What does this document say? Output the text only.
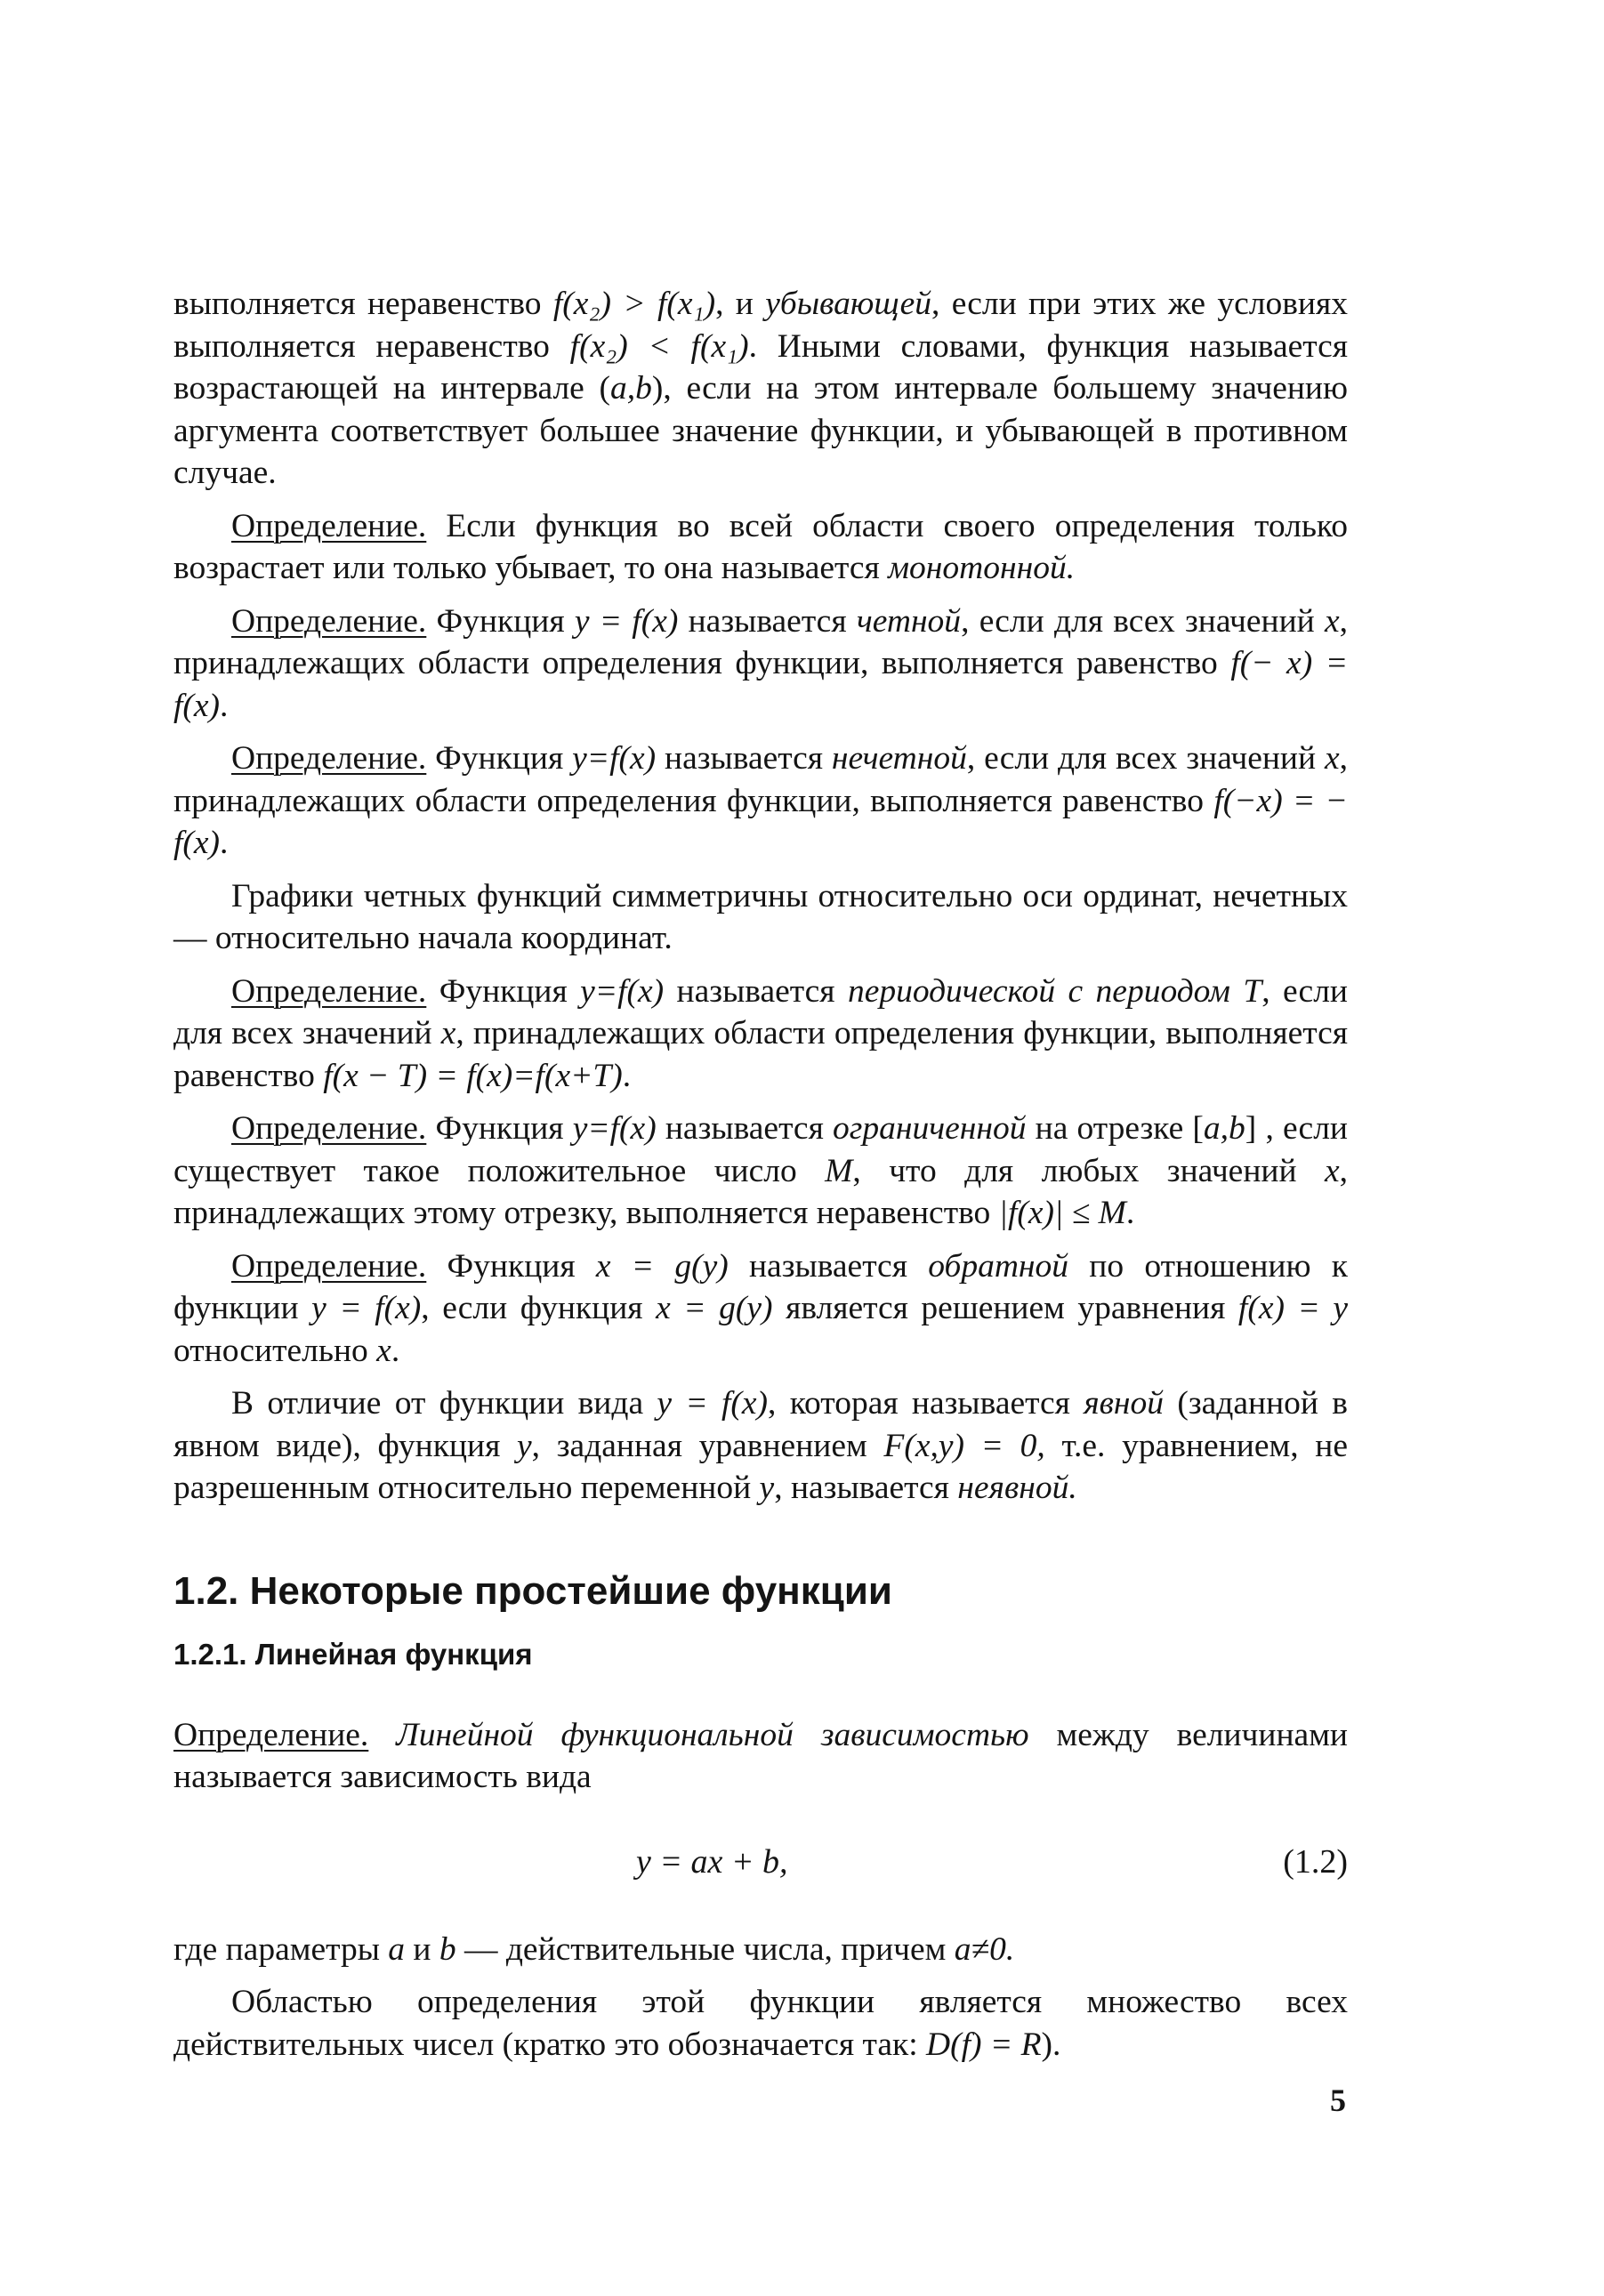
выполняется неравенство f(x₂) > f(x₁), и убывающей, если при этих же условиях выполняется неравенство f(x₂) < f(x₁). Иными словами, функция называется возрастающей на интервале (a,b), если на этом интервале большему значению аргумента соответствует большее значение функции, и убывающей в противном случае.

Определение. Если функция во всей области своего определения только возрастает или только убывает, то она называется монотонной.

Определение. Функция y = f(x) называется четной, если для всех значений x, принадлежащих области определения функции, выполняется равенство f(− x) = f(x).

Определение. Функция y=f(x) называется нечетной, если для всех значений x, принадлежащих области определения функции, выполняется равенство f(−x) = − f(x).

Графики четных функций симметричны относительно оси ординат, нечетных — относительно начала координат.

Определение. Функция y=f(x) называется периодической с периодом T, если для всех значений x, принадлежащих области определения функции, выполняется равенство f(x − T) = f(x)=f(x+T).

Определение. Функция y=f(x) называется ограниченной на отрезке [a,b] , если существует такое положительное число M, что для любых значений x, принадлежащих этому отрезку, выполняется неравенство |f(x)| ≤ M.

Определение. Функция x = g(y) называется обратной по отношению к функции y = f(x), если функция x = g(y) является решением уравнения f(x) = y относительно x.

В отличие от функции вида y = f(x), которая называется явной (заданной в явном виде), функция y, заданная уравнением F(x,y) = 0, т.е. уравнением, не разрешенным относительно переменной y, называется неявной.

1.2. Некоторые простейшие функции
1.2.1. Линейная функция

Определение. Линейной функциональной зависимостью между величинами называется зависимость вида

y = ax + b,	(1.2)

где параметры a и b — действительные числа, причем a≠0.

Областью определения этой функции является множество всех действительных чисел (кратко это обозначается так: D(f) = R).

5
